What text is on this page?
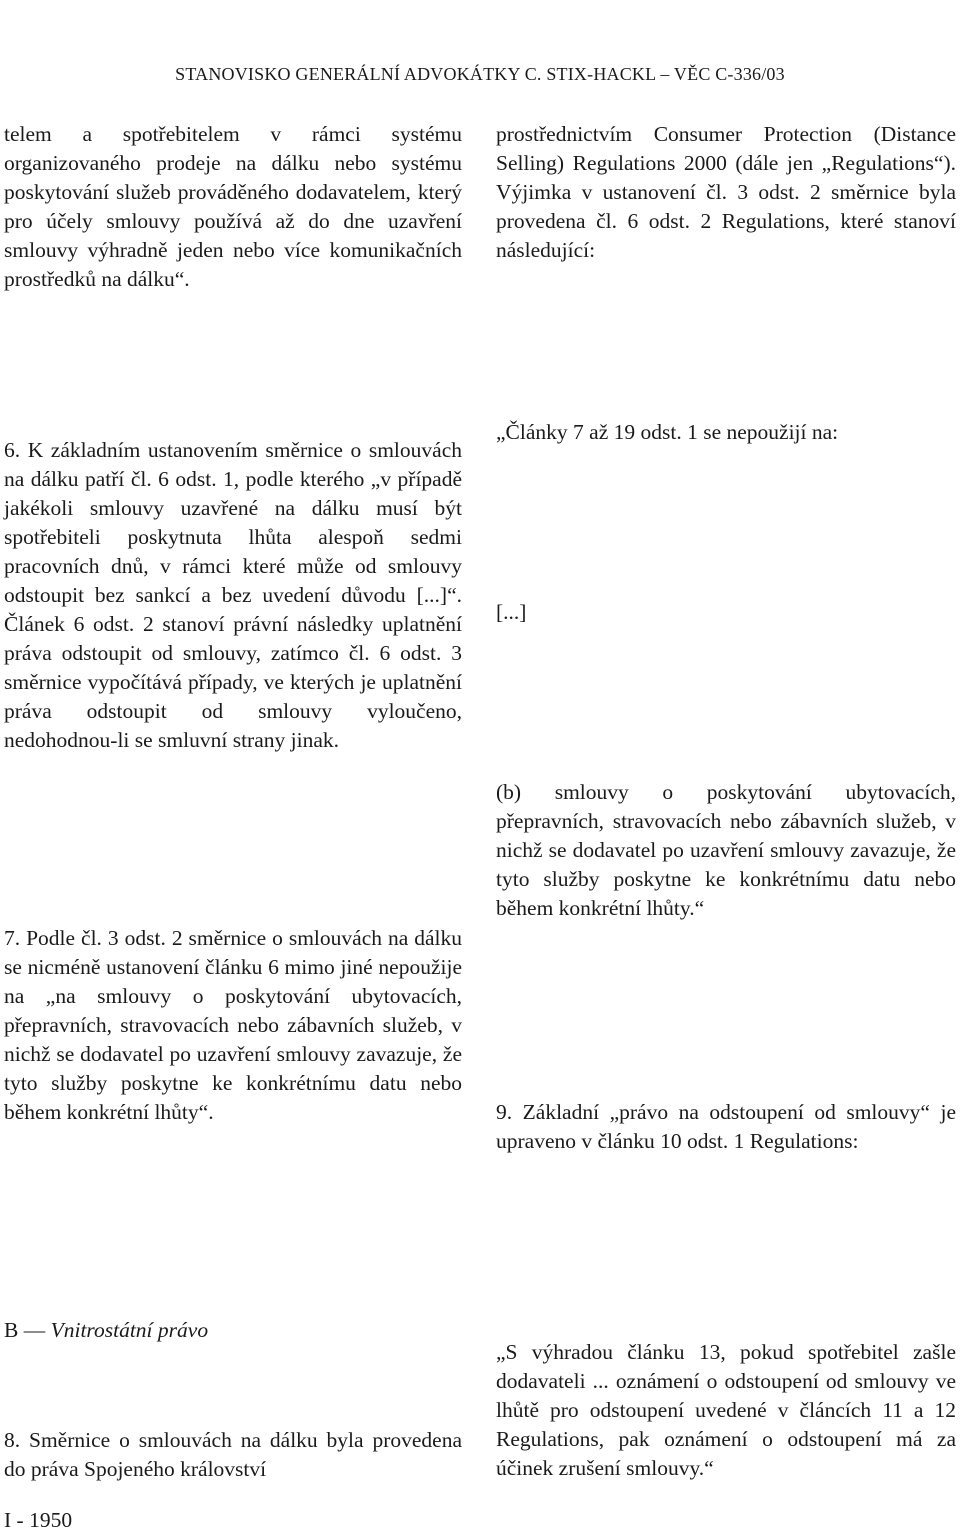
STANOVISKO GENERÁLNÍ ADVOKÁTKY C. STIX-HACKL – VĚC C-336/03

telem a spotřebitelem v rámci systému organizovaného prodeje na dálku nebo systému poskytování služeb prováděného dodavatelem, který pro účely smlouvy používá až do dne uzavření smlouvy výhradně jeden nebo více komunikačních prostředků na dálku“.

6. K základním ustanovením směrnice o smlouvách na dálku patří čl. 6 odst. 1, podle kterého „v případě jakékoli smlouvy uzavřené na dálku musí být spotřebiteli poskytnuta lhůta alespoň sedmi pracovních dnů, v rámci které může od smlouvy odstoupit bez sankcí a bez uvedení důvodu [...]“. Článek 6 odst. 2 stanoví právní následky uplatnění práva odstoupit od smlouvy, zatímco čl. 6 odst. 3 směrnice vypočítává případy, ve kterých je uplatnění práva odstoupit od smlouvy vyloučeno, nedohodnou-li se smluvní strany jinak.

7. Podle čl. 3 odst. 2 směrnice o smlouvách na dálku se nicméně ustanovení článku 6 mimo jiné nepoužije na „na smlouvy o poskytování ubytovacích, přepravních, stravovacích nebo zábavních služeb, v nichž se dodavatel po uzavření smlouvy zavazuje, že tyto služby poskytne ke konkrétnímu datu nebo během konkrétní lhůty“.

B — Vnitrostátní právo

8. Směrnice o smlouvách na dálku byla provedena do práva Spojeného království

prostřednictvím Consumer Protection (Distance Selling) Regulations 2000 (dále jen „Regulations“). Výjimka v ustanovení čl. 3 odst. 2 směrnice byla provedena čl. 6 odst. 2 Regulations, které stanoví následující:

„Články 7 až 19 odst. 1 se nepoužijí na:

[...]

(b) smlouvy o poskytování ubytovacích, přepravních, stravovacích nebo zábavních služeb, v nichž se dodavatel po uzavření smlouvy zavazuje, že tyto služby poskytne ke konkrétnímu datu nebo během konkrétní lhůty.“

9. Základní „právo na odstoupení od smlouvy“ je upraveno v článku 10 odst. 1 Regulations:

„S výhradou článku 13, pokud spotřebitel zašle dodavateli ... oznámení o odstoupení od smlouvy ve lhůtě pro odstoupení uvedené v článcích 11 a 12 Regulations, pak oznámení o odstoupení má za účinek zrušení smlouvy.“

I - 1950
